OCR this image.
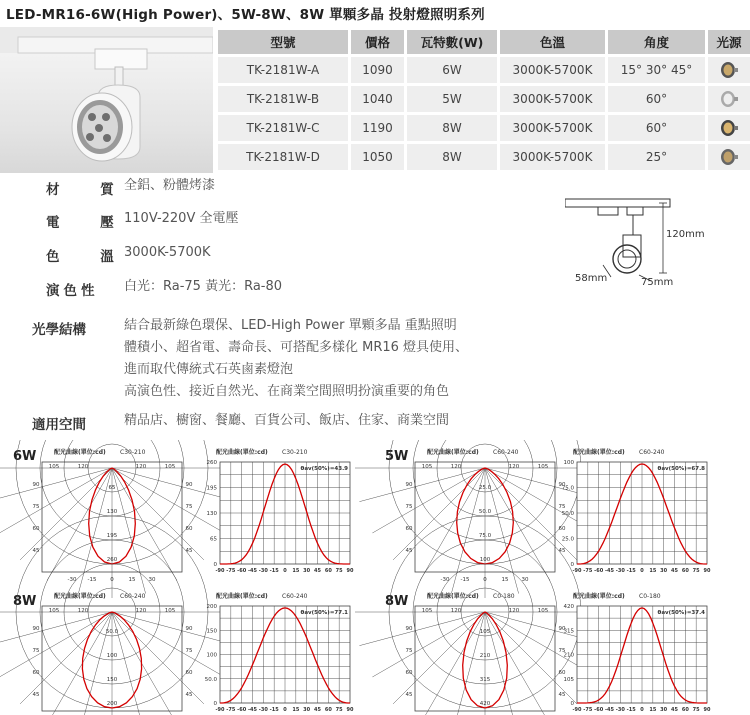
LED-MR16-6W(High Power)、5W-8W、8W 單顆多晶 投射燈照明系列
型號	價格	瓦特數(W)	色溫	角度	光源
TK-2181W-A	1090	6W	3000K-5700K	15° 30° 45°	
TK-2181W-B	1040	5W	3000K-5700K	60°	
TK-2181W-C	1190	8W	3000K-5700K	60°	
TK-2181W-D	1050	8W	3000K-5700K	25°	
材 質
全鋁、粉體烤漆
電 壓
110V-220V 全電壓
色 溫
3000K-5700K
演色性 白光：Ra-75 黃光：Ra-80
光學結構	結合最新綠色環保、LED-High Power 單顆多晶 重點照明
體積小、超省電、壽命長、可搭配多樣化 MR16 燈具使用、
進而取代傳統式石英鹵素燈泡
高演色性、接近自然光、在商業空間照明扮演重要的角色
適用空間	精品店、櫥窗、餐廳、百貨公司、飯店、住家、商業空間
120mm
58mm	75mm
6W	5W
8W	8W
配光曲線(單位:cd) C30-210
65
130
195
260
105	120	120	105
90	90
75	75
60	60
45	45
-30 -15	0	15 30
配光曲線(單位:cd) C30-210
θav(50%)=43.9
0
65
130
195
260
-90 -75 -60 -45 -30 -15 0 15 30 45 60 75 90
配光曲線(單位:cd) C60-240
25.0
50.0
75.0
100
105	120	120	105
90	90
75	75
60	60
45	45
-30 -15	0	15 30
配光曲線(單位:cd) C60-240
θav(50%)=67.8
0
25.0
50.0
75.0
100
-90 -75 -60 -45 -30 -15 0 15 30 45 60 75 90
配光曲線(單位:cd) C60-240
50.0
100
150
200
105	120	120	105
90	90
75	75
60	60
45	45
配光曲線(單位:cd) C60-240
θav(50%)=77.1
0
50.0
100
150
200
-90 -75 -60 -45 -30 -15 0 15 30 45 60 75 90
配光曲線(單位:cd) C0-180
105
210
315
420
105	120	120	105
90	90
75	75
60	60
45	45
配光曲線(單位:cd) C0-180
θav(50%)=37.4
0
105
210
315
420
-90 -75 -60 -45 -30 -15 0 15 30 45 60 75 90
